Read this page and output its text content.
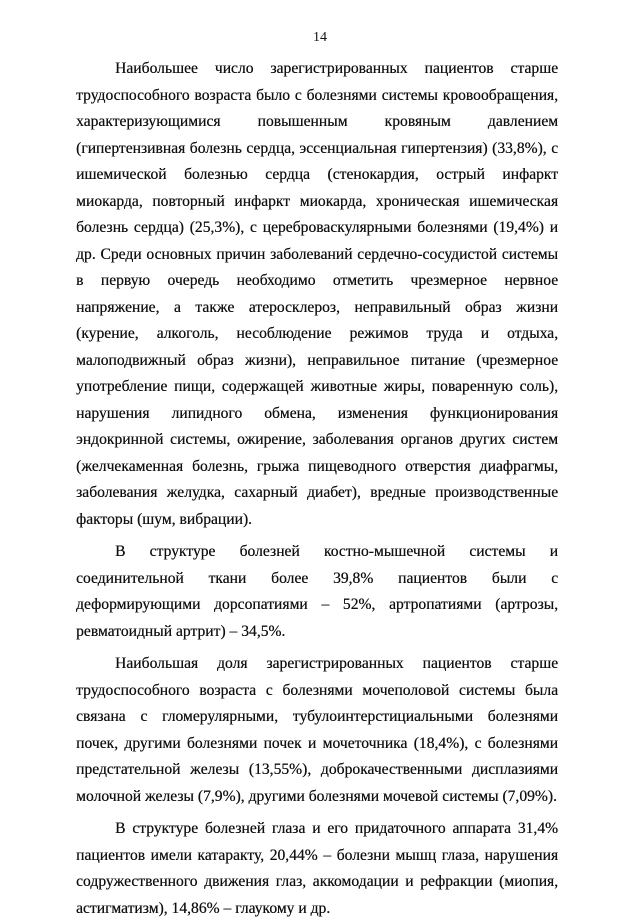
14

Наибольшее число зарегистрированных пациентов старше трудоспособного возраста было с болезнями системы кровообращения, характеризующимися повышенным кровяным давлением (гипертензивная болезнь сердца, эссенциальная гипертензия) (33,8%), с ишемической болезнью сердца (стенокардия, острый инфаркт миокарда, повторный инфаркт миокарда, хроническая ишемическая болезнь сердца) (25,3%), с цереброваскулярными болезнями (19,4%) и др. Среди основных причин заболеваний сердечно-сосудистой системы в первую очередь необходимо отметить чрезмерное нервное напряжение, а также атеросклероз, неправильный образ жизни (курение, алкоголь, несоблюдение режимов труда и отдыха, малоподвижный образ жизни), неправильное питание (чрезмерное употребление пищи, содержащей животные жиры, поваренную соль), нарушения липидного обмена, изменения функционирования эндокринной системы, ожирение, заболевания органов других систем (желчекаменная болезнь, грыжа пищеводного отверстия диафрагмы, заболевания желудка, сахарный диабет), вредные производственные факторы (шум, вибрации).

В структуре болезней костно-мышечной системы и соединительной ткани более 39,8% пациентов были с деформирующими дорсопатиями – 52%, артропатиями (артрозы, ревматоидный артрит) – 34,5%.

Наибольшая доля зарегистрированных пациентов старше трудоспособного возраста с болезнями мочеполовой системы была связана с гломерулярными, тубулоинтерстициальными болезнями почек, другими болезнями почек и мочеточника (18,4%), с болезнями предстательной железы (13,55%), доброкачественными дисплазиями молочной железы (7,9%), другими болезнями мочевой системы (7,09%).

В структуре болезней глаза и его придаточного аппарата 31,4% пациентов имели катаракту, 20,44% – болезни мышц глаза, нарушения содружественного движения глаз, аккомодации и рефракции (миопия, астигматизм), 14,86% – глаукому и др.
